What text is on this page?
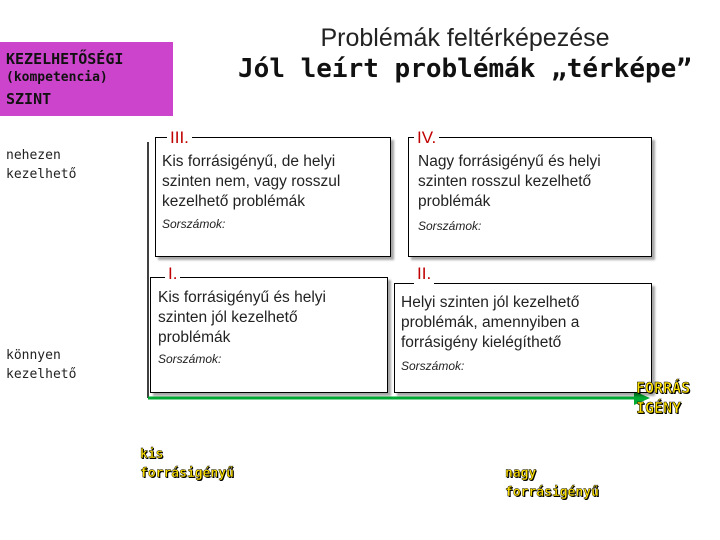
Problémák feltérképezése
Jól leírt problémák „térképe”
KEZELHETŐSÉGI
(kompetencia)
SZINT
nehezen
kezelhető
könnyen
kezelhető
III.
Kis forrásigényű, de helyi
szinten nem, vagy rosszul
kezelhető problémák
Sorszámok:
IV.
Nagy forrásigényű és helyi
szinten rosszul kezelhető
problémák
Sorszámok:
I.
Kis forrásigényű és helyi
szinten jól kezelhető
problémák
Sorszámok:
II.
Helyi szinten jól kezelhető
problémák, amennyiben a
forrásigény kielégíthető
Sorszámok:
FORRÁS
IGÉNY
kis
forrásigényű	nagy
forrásigényű
